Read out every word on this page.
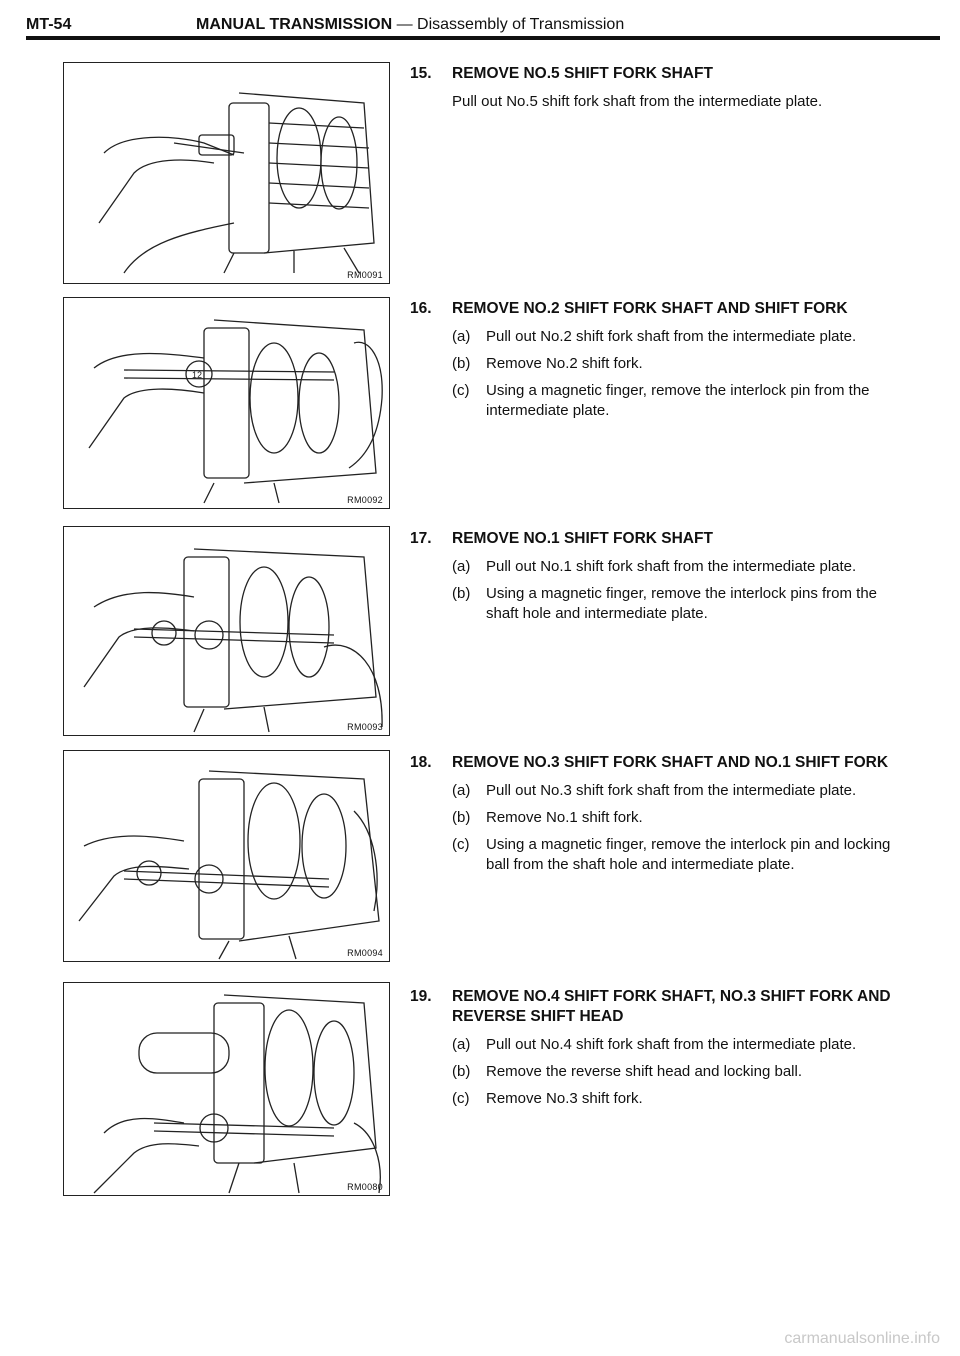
MT-54	MANUAL TRANSMISSION — Disassembly of Transmission
RM0091
12
RM0092
RM0093
RM0094
RM0080
15.	REMOVE NO.5 SHIFT FORK SHAFT
Pull out No.5 shift fork shaft from the intermediate plate.
16.	REMOVE NO.2 SHIFT FORK SHAFT AND SHIFT FORK
(a)	Pull out No.2 shift fork shaft from the intermediate plate.
(b)	Remove No.2 shift fork.
(c)	Using a magnetic finger, remove the interlock pin from the intermediate plate.
17.	REMOVE NO.1 SHIFT FORK SHAFT
(a)	Pull out No.1 shift fork shaft from the intermediate plate.
(b)	Using a magnetic finger, remove the interlock pins from the shaft hole and intermediate plate.
18.	REMOVE NO.3 SHIFT FORK SHAFT AND NO.1 SHIFT FORK
(a)	Pull out No.3 shift fork shaft from the intermediate plate.
(b)	Remove No.1 shift fork.
(c)	Using a magnetic finger, remove the interlock pin and locking ball from the shaft hole and intermediate plate.
19.	REMOVE NO.4 SHIFT FORK SHAFT, NO.3 SHIFT FORK AND REVERSE SHIFT HEAD
(a)	Pull out No.4 shift fork shaft from the intermediate plate.
(b)	Remove the reverse shift head and locking ball.
(c)	Remove No.3 shift fork.
carmanualsonline.info
